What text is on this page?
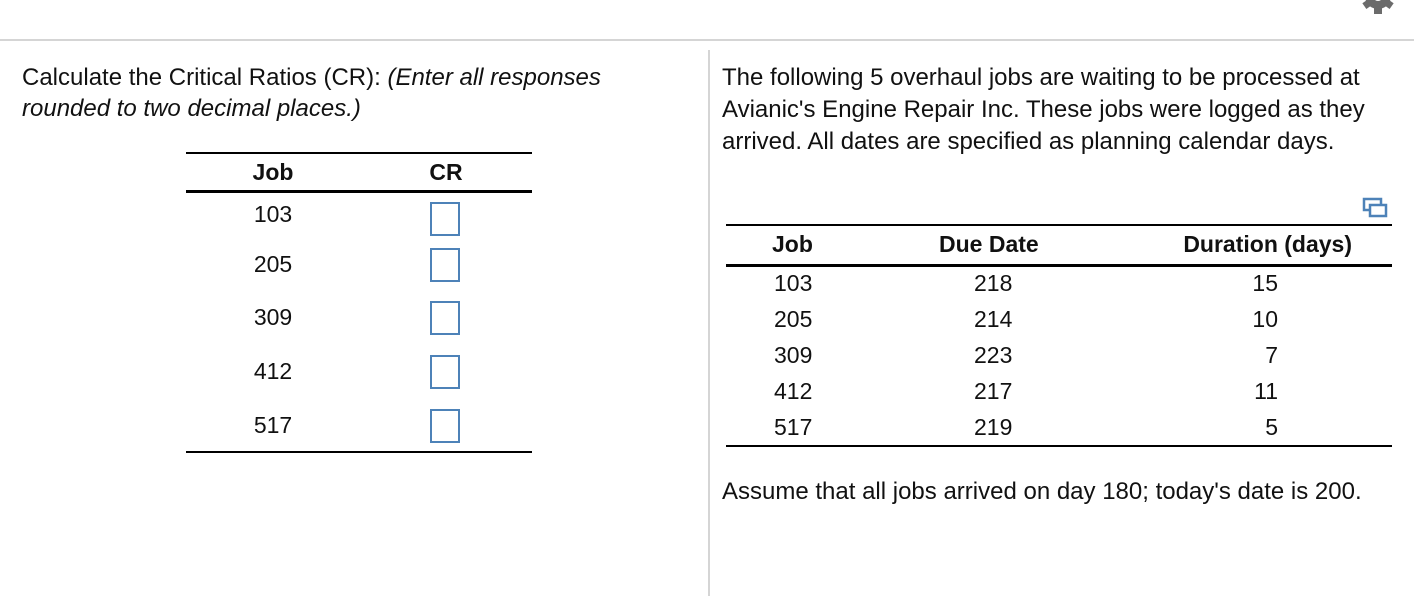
Calculate the Critical Ratios (CR): (Enter all responses rounded to two decimal places.)
Job	CR
103
205
309
412
517
The following 5 overhaul jobs are waiting to be processed at Avianic's Engine Repair Inc. These jobs were logged as they arrived. All dates are specified as planning calendar days.
Job	Due Date	Duration (days)
103	218	15
205	214	10
309	223	7
412	217	11
517	219	5
Assume that all jobs arrived on day 180; today's date is 200.
